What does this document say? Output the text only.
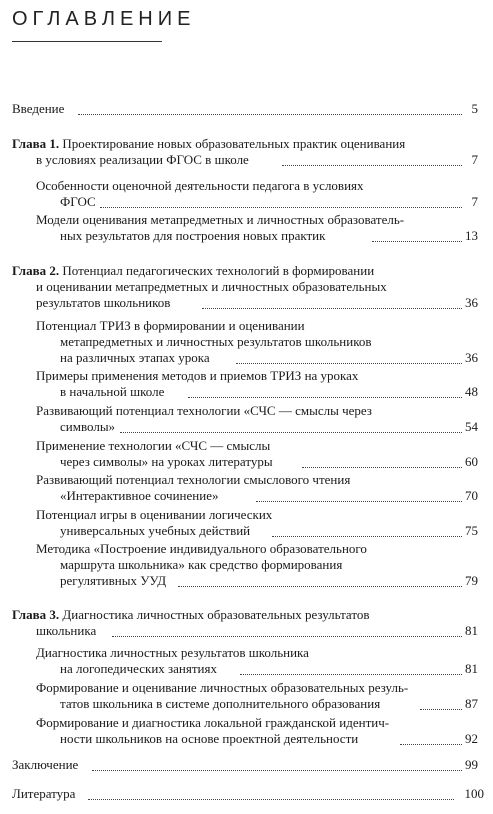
ОГЛАВЛЕНИЕ
Введение	5
Глава 1. Проектирование новых образовательных практик оценивания
в условиях реализации ФГОС в школе	7
Особенности оценочной деятельности педагога в условиях
ФГОС	7
Модели оценивания метапредметных и личностных образователь-
ных результатов для построения новых практик	13
Глава 2. Потенциал педагогических технологий в формировании
и оценивании метапредметных и личностных образовательных
результатов школьников	36
Потенциал ТРИЗ в формировании и оценивании
метапредметных и личностных результатов школьников
на различных этапах урока	36
Примеры применения методов и приемов ТРИЗ на уроках
в начальной школе	48
Развивающий потенциал технологии «СЧС — смыслы через
символы»	54
Применение технологии «СЧС — смыслы
через символы» на уроках литературы	60
Развивающий потенциал технологии смыслового чтения
«Интерактивное сочинение»	70
Потенциал игры в оценивании логических
универсальных учебных действий	75
Методика «Построение индивидуального образовательного
маршрута школьника» как средство формирования
регулятивных УУД	79
Глава 3. Диагностика личностных образовательных результатов
школьника	81
Диагностика личностных результатов школьника
на логопедических занятиях	81
Формирование и оценивание личностных образовательных резуль-
татов школьника в системе дополнительного образования	87
Формирование и диагностика локальной гражданской идентич-
ности школьников на основе проектной деятельности	92
Заключение	99
Литература	100
